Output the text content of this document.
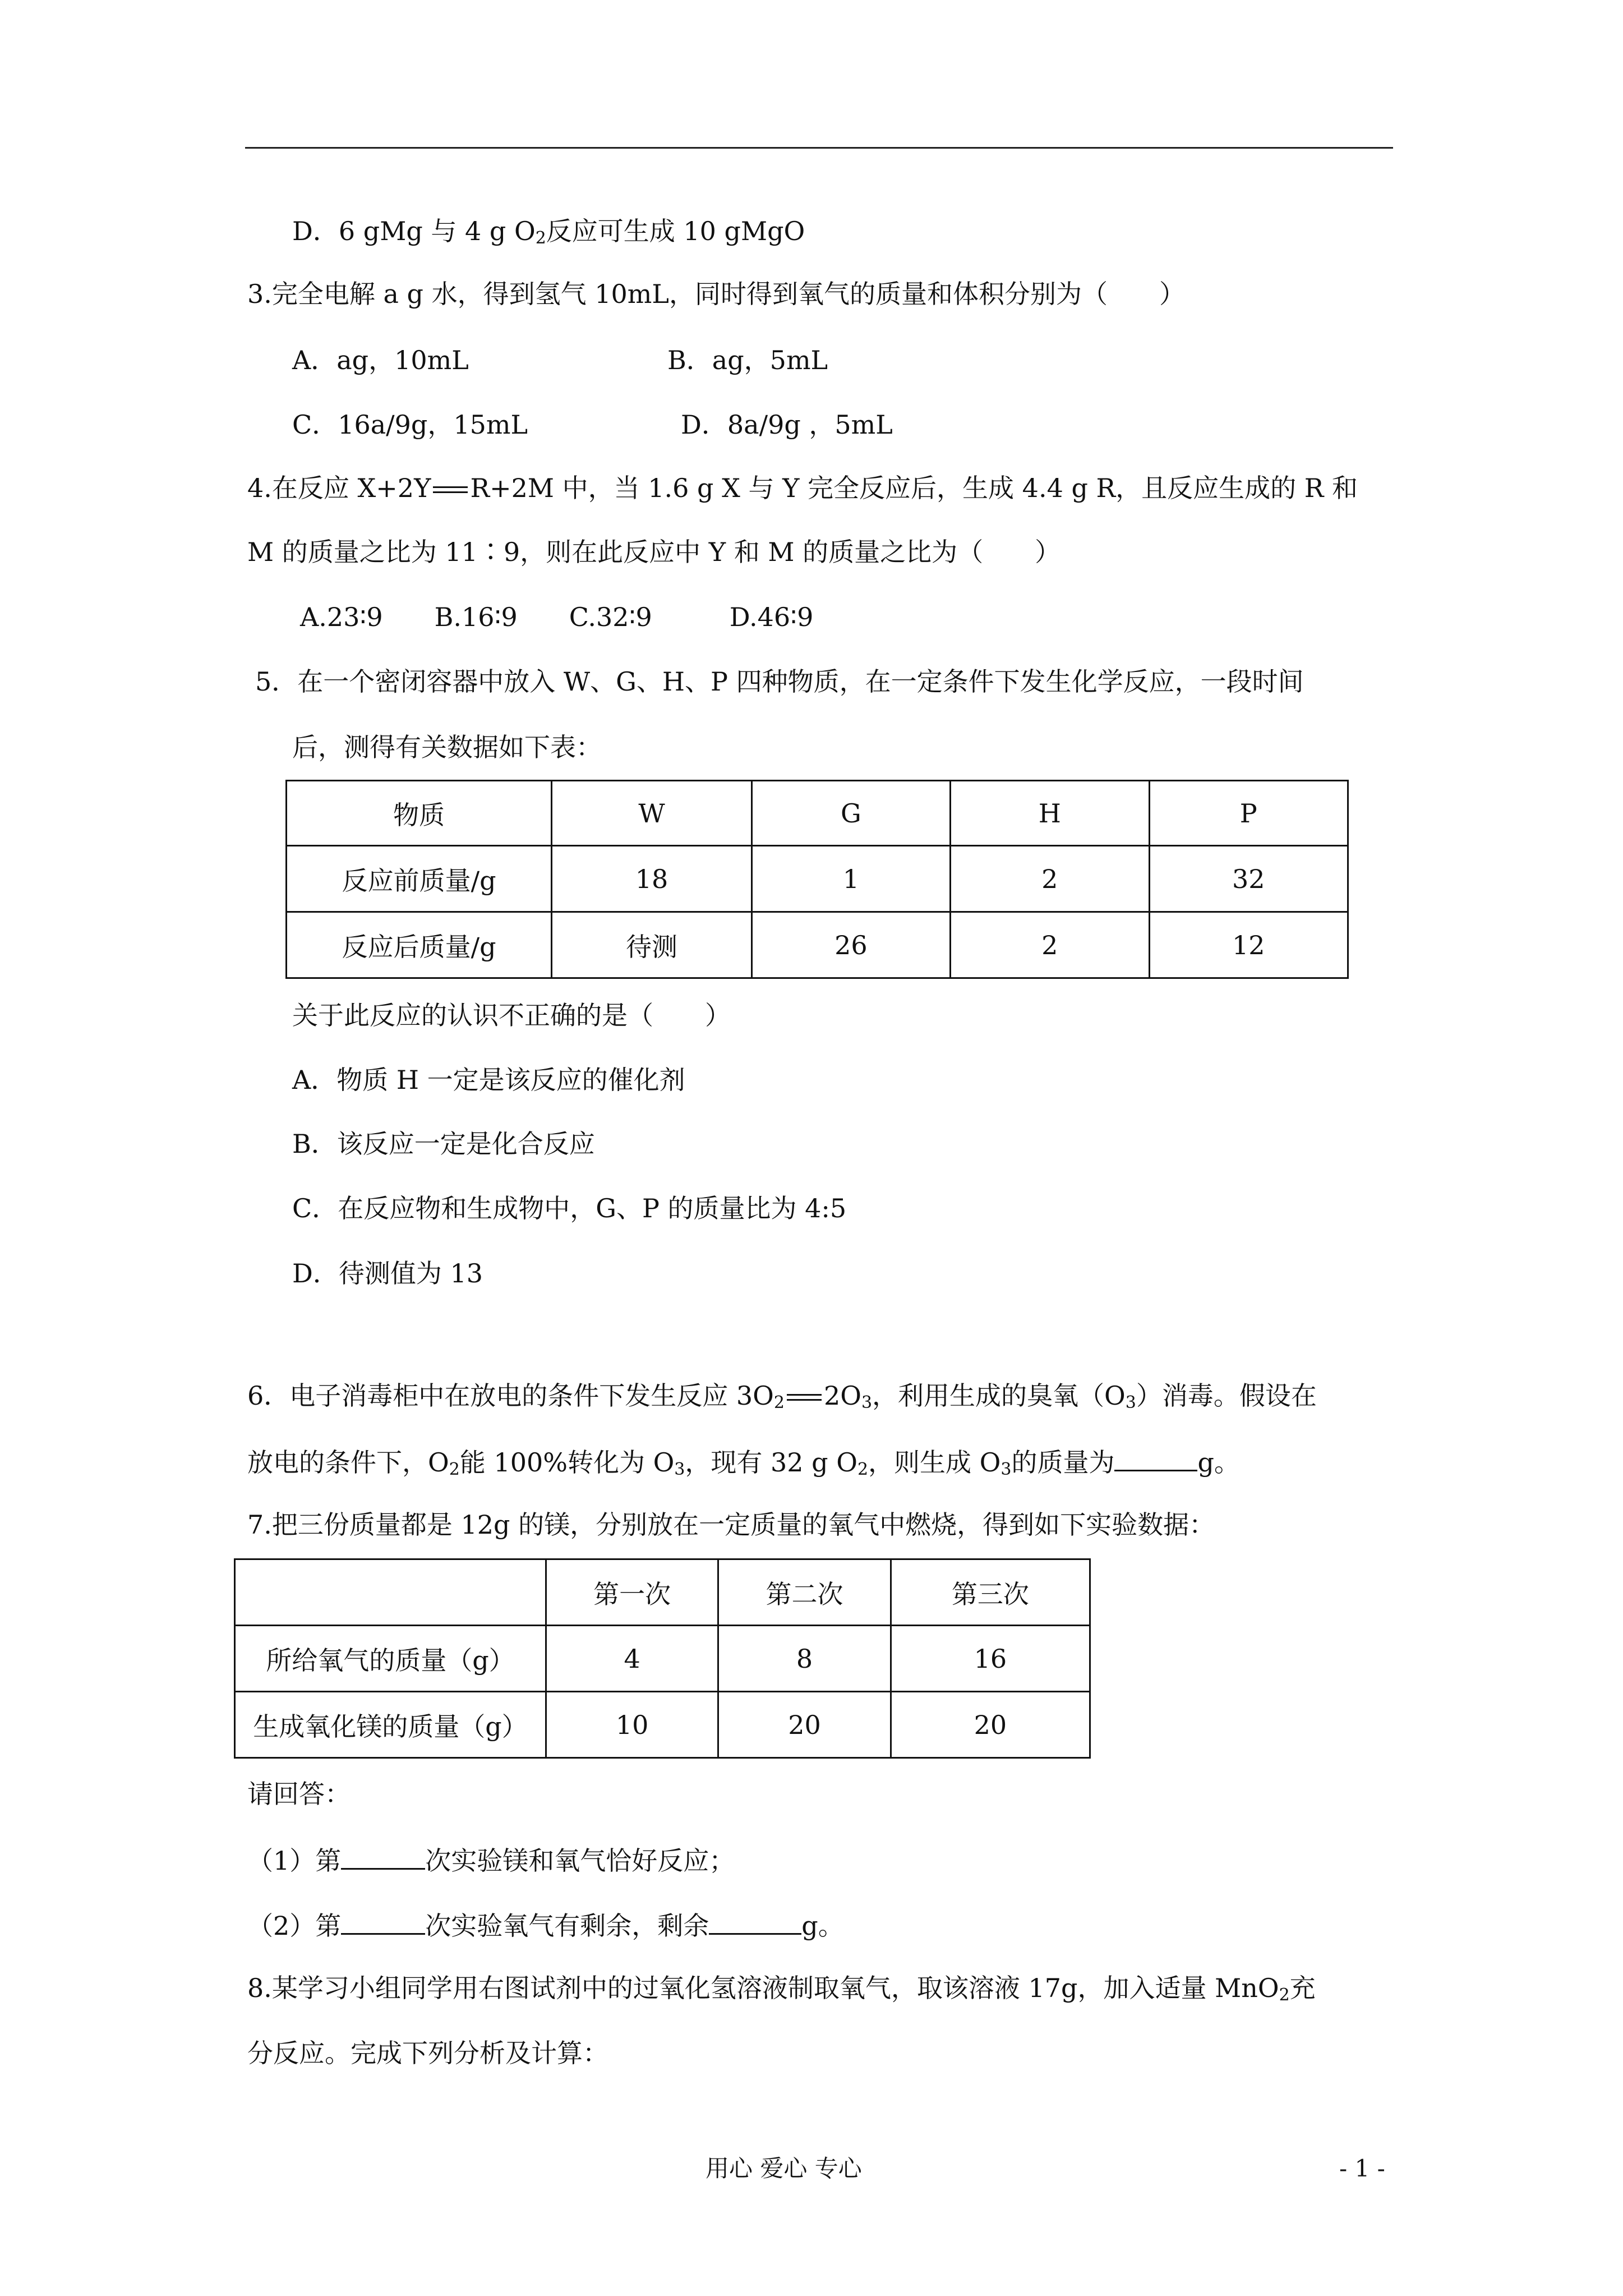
D．6 gMg 与 4 g $O_2$反应可生成 10 gMgO
3.完全电解 a g 水，得到氢气 10mL，同时得到氧气的质量和体积分别为（　　）
A．ag，10mL	B．ag，5mL
C．16a/9g，15mL	D．8a/9g ，5mL
4.在反应 X+2Y R+2M 中，当 1.6 g X 与 Y 完全反应后，生成 4.4 g R，且反应生成的 R 和
M 的质量之比为 11∶9，则在此反应中 Y 和 M 的质量之比为（　　）
A.23∶9　　B.16∶9　　C.32∶9　　　D.46∶9
5．在一个密闭容器中放入 W、G、H、P 四种物质，在一定条件下发生化学反应，一段时间
后，测得有关数据如下表：
物质	W	G	H	P
反应前质量/g	18	1	2	32
反应后质量/g	待测	26	2	12
关于此反应的认识不正确的是（　　）
A．物质 H 一定是该反应的催化剂
B．该反应一定是化合反应
C．在反应物和生成物中，G、P 的质量比为 4:5
D．待测值为 13
6．电子消毒柜中在放电的条件下发生反应 $3O_2$ $2O_3$，利用生成的臭氧$(O_3)$消毒。假设在
放电的条件下，$O_2$能 100%转化为 $O_3$，现有 32 g $O_2$，则生成 $O_3$的质量为	g。
7.把三份质量都是 12g 的镁，分别放在一定质量的氧气中燃烧，得到如下实验数据：
	第一次	第二次	第三次
所给氧气的质量（g）	4	8	16
生成氧化镁的质量（g）	10	20	20
请回答：
（1）第	次实验镁和氧气恰好反应；
（2）第	次实验氧气有剩余，剩余	g。
8.某学习小组同学用右图试剂中的过氧化氢溶液制取氧气，取该溶液 17g，加入适量 MnO$_2$充
分反应。完成下列分析及计算：
用心 爱心 专心	- 1 -
